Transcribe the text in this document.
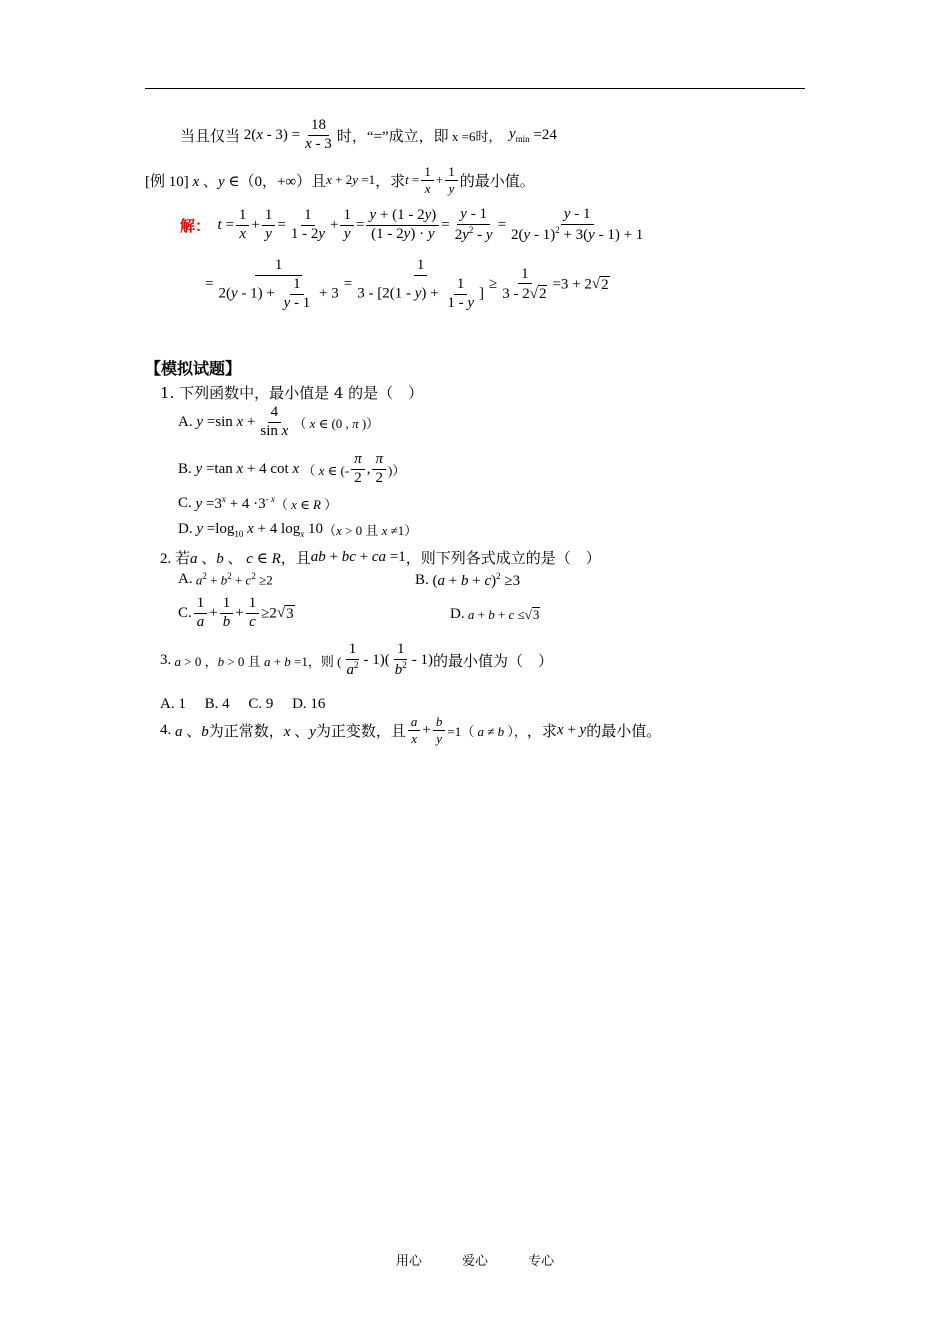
当且仅当 $2(x - 3) = \frac{18}{x - 3}$ 时， “=”成立，即
x =6时， $y_{min} =24$
[例 10] x 、y ∈ （0，+∞）且 x + 2y =1 ，求 $t = \frac{1}{x} + \frac{1}{y}$ 的最小值。
解： $t = \frac{1}{x} + \frac{1}{y} = \frac{1}{1 - 2y} + \frac{1}{y} = \frac{y + (1 - 2y)}{(1 - 2y) \cdot y} = \frac{y - 1}{2y^2 - y} = \frac{y - 1}{2(y - 1)^2 + 3(y - 1) + 1}$
= $\frac{1}{2(y - 1) + \frac{1}{y - 1} + 3} = \frac{1}{3 - [2(1 - y) + \frac{1}{1 - y} ]} \ge \frac{1}{3 - 2 √ 2} =3 + 2$ √ 2
【模拟试题】
1. 下列函数中，最小值是 4 的是（　）
A. y =sin $x + \frac{4}{\text{sin x}}$ （ x ∈ (0 , π )）
B. y =tan x + 4 cot x （ x ∈ (- $\frac{\pi}{2}$ , $\frac{\pi}{2}$ )）
C. $y =3^x + 4 \cdot 3^{- x}$ （ x ∈ R ）
D. $y =\log_{10}$ x + 4 $\log_x 10$ （x > 0 且 x ≠1）
2. 若 a 、b 、 c ∈ R ，且 ab + bc + ca =1 ，则下列各式成立的是（　）
A. $a^2 + b^2 + c^2 \ge 2$	B. $(a + b + c)^2 \ge 3$
C. $\frac{1}{a} + \frac{1}{b} + \frac{1}{c} \ge 2$ √ 3	D. a + b + c ≤ √ 3
3. a > 0 ，b > 0 且 a + b =1，则 ( $\frac{1}{a^2} - 1)( \frac{1}{b^2} - 1)$ 的最小值为（　）
A. 1　 B. 4　 C. 9　 D. 16
4. a 、b 为正常数， x 、y 为正变数，且 $\frac{a}{x} + \frac{b}{y} =1$（ a ≠ b ）， ，求 x + y 的最小值。
用心	爱心	专心
